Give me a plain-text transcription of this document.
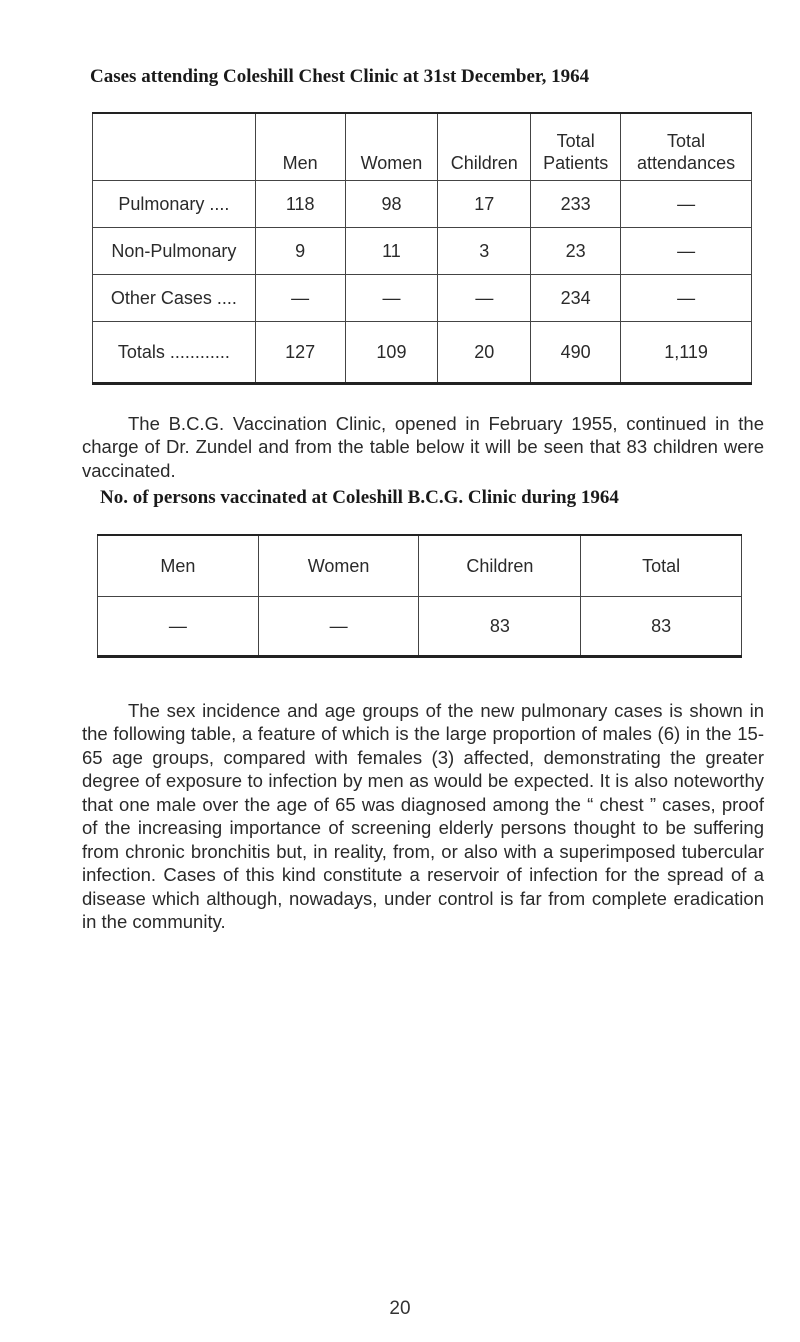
Cases attending Coleshill Chest Clinic at 31st December, 1964
	Men	Women	Children	Total Patients	Total attendances
Pulmonary ....	118	98	17	233	—
Non-Pulmonary	9	11	3	23	—
Other Cases ....	—	—	—	234	—
Totals ............	127	109	20	490	1,119

The B.C.G. Vaccination Clinic, opened in February 1955, continued in the charge of Dr. Zundel and from the table below it will be seen that 83 children were vaccinated.

No. of persons vaccinated at Coleshill B.C.G. Clinic during 1964
Men	Women	Children	Total
—	—	83	83

The sex incidence and age groups of the new pulmonary cases is shown in the following table, a feature of which is the large proportion of males (6) in the 15-65 age groups, compared with females (3) affected, demonstrating the greater degree of exposure to infection by men as would be expected. It is also noteworthy that one male over the age of 65 was diagnosed among the “ chest ” cases, proof of the increasing importance of screening elderly persons thought to be suffering from chronic bronchitis but, in reality, from, or also with a superimposed tubercular infection. Cases of this kind constitute a reservoir of infection for the spread of a disease which although, nowadays, under control is far from complete eradication in the community.

20
